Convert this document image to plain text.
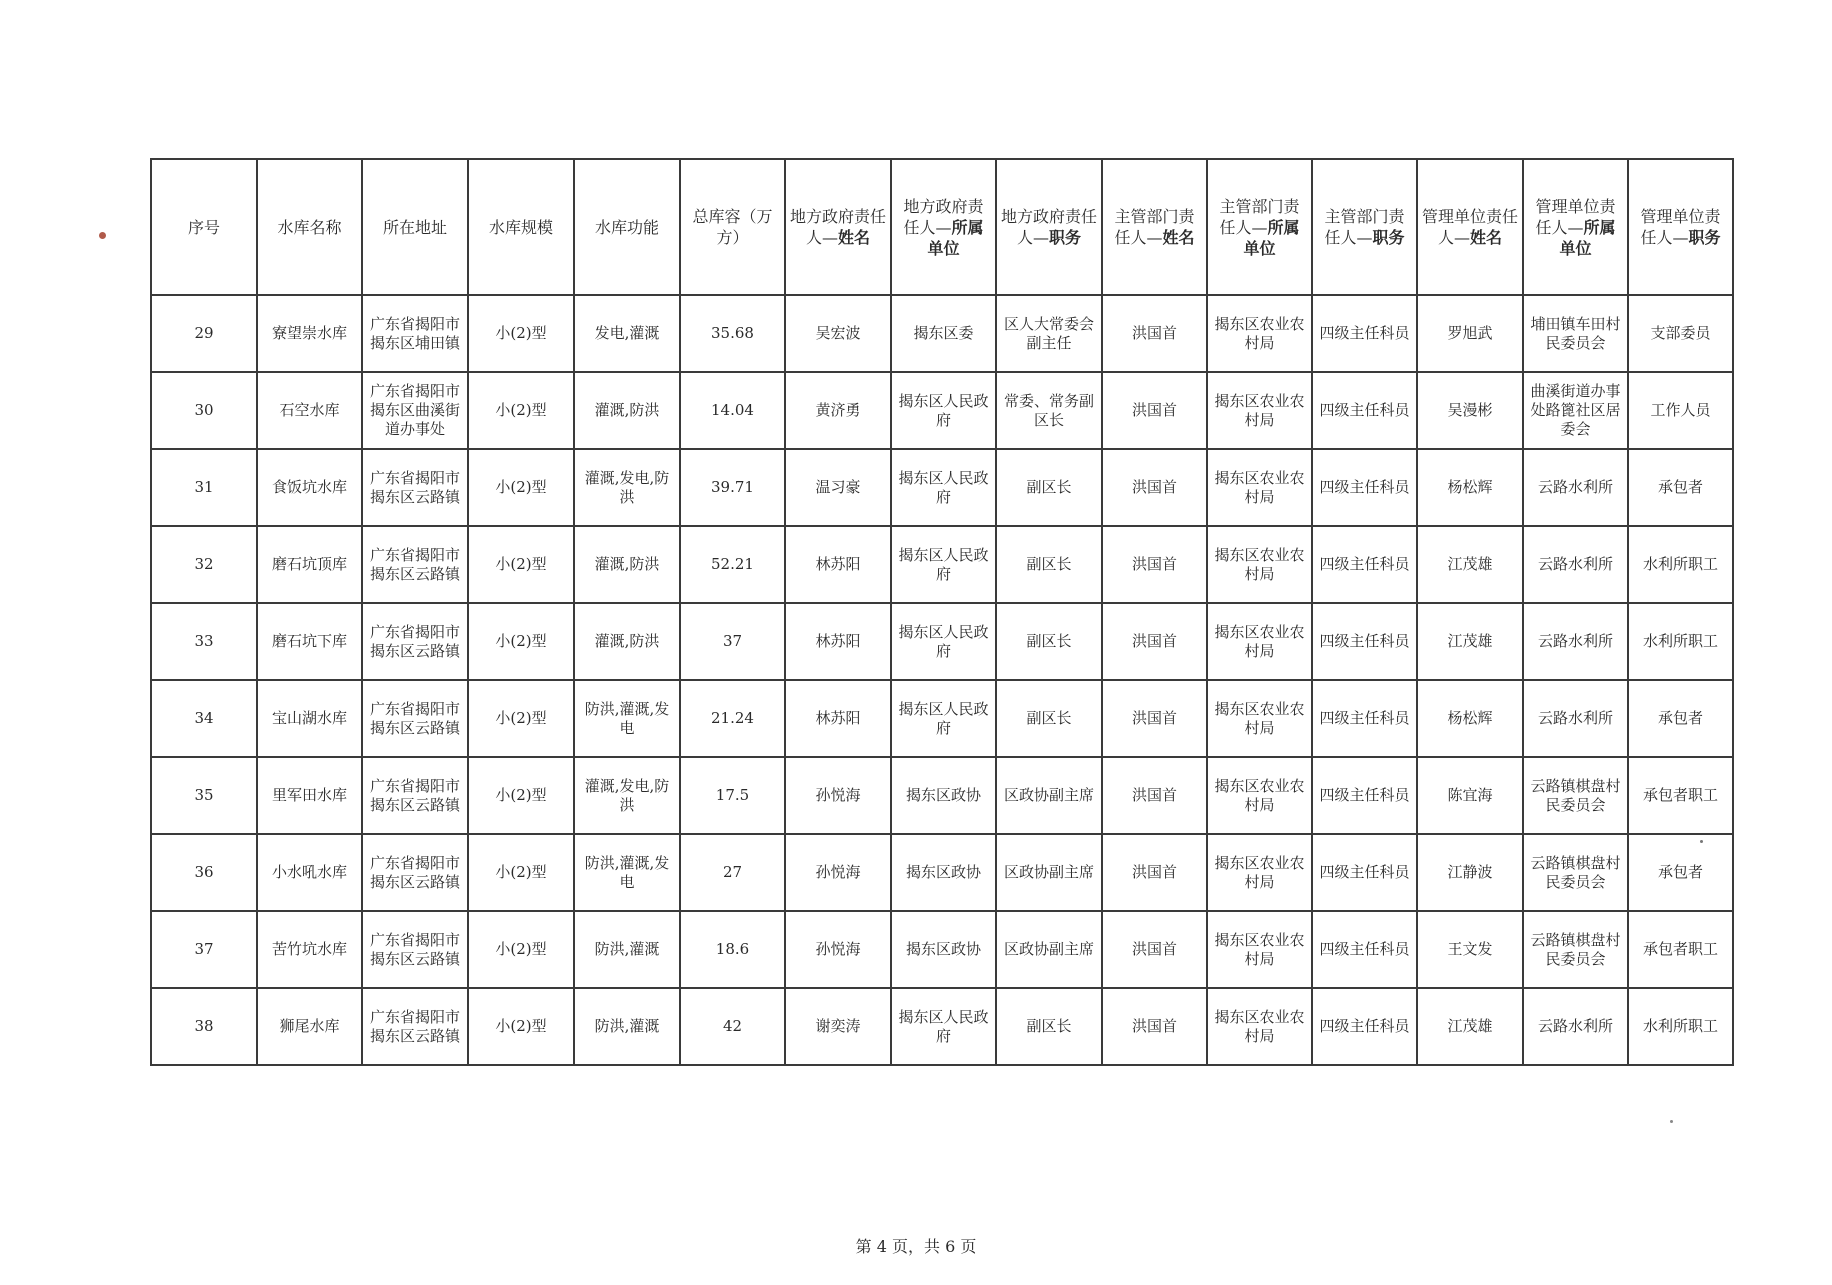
序号	水库名称	所在地址	水库规模	水库功能	总库容（万方）	地方政府责任人—姓名	地方政府责任人—所属单位	地方政府责任人—职务	主管部门责任人—姓名	主管部门责任人—所属单位	主管部门责任人—职务	管理单位责任人—姓名	管理单位责任人—所属单位	管理单位责任人—职务
29	寮望崇水库	广东省揭阳市揭东区埔田镇	小(2)型	发电,灌溉	35.68	吴宏波	揭东区委	区人大常委会副主任	洪国首	揭东区农业农村局	四级主任科员	罗旭武	埔田镇车田村民委员会	支部委员
30	石空水库	广东省揭阳市揭东区曲溪街道办事处	小(2)型	灌溉,防洪	14.04	黄济勇	揭东区人民政府	常委、常务副区长	洪国首	揭东区农业农村局	四级主任科员	吴漫彬	曲溪街道办事处路篦社区居委会	工作人员
31	食饭坑水库	广东省揭阳市揭东区云路镇	小(2)型	灌溉,发电,防洪	39.71	温习豪	揭东区人民政府	副区长	洪国首	揭东区农业农村局	四级主任科员	杨松辉	云路水利所	承包者
32	磨石坑顶库	广东省揭阳市揭东区云路镇	小(2)型	灌溉,防洪	52.21	林苏阳	揭东区人民政府	副区长	洪国首	揭东区农业农村局	四级主任科员	江茂雄	云路水利所	水利所职工
33	磨石坑下库	广东省揭阳市揭东区云路镇	小(2)型	灌溉,防洪	37	林苏阳	揭东区人民政府	副区长	洪国首	揭东区农业农村局	四级主任科员	江茂雄	云路水利所	水利所职工
34	宝山湖水库	广东省揭阳市揭东区云路镇	小(2)型	防洪,灌溉,发电	21.24	林苏阳	揭东区人民政府	副区长	洪国首	揭东区农业农村局	四级主任科员	杨松辉	云路水利所	承包者
35	里军田水库	广东省揭阳市揭东区云路镇	小(2)型	灌溉,发电,防洪	17.5	孙悦海	揭东区政协	区政协副主席	洪国首	揭东区农业农村局	四级主任科员	陈宜海	云路镇棋盘村民委员会	承包者职工
36	小水吼水库	广东省揭阳市揭东区云路镇	小(2)型	防洪,灌溉,发电	27	孙悦海	揭东区政协	区政协副主席	洪国首	揭东区农业农村局	四级主任科员	江静波	云路镇棋盘村民委员会	承包者
37	苦竹坑水库	广东省揭阳市揭东区云路镇	小(2)型	防洪,灌溉	18.6	孙悦海	揭东区政协	区政协副主席	洪国首	揭东区农业农村局	四级主任科员	王文发	云路镇棋盘村民委员会	承包者职工
38	狮尾水库	广东省揭阳市揭东区云路镇	小(2)型	防洪,灌溉	42	谢奕涛	揭东区人民政府	副区长	洪国首	揭东区农业农村局	四级主任科员	江茂雄	云路水利所	水利所职工
第 4 页，共 6 页
